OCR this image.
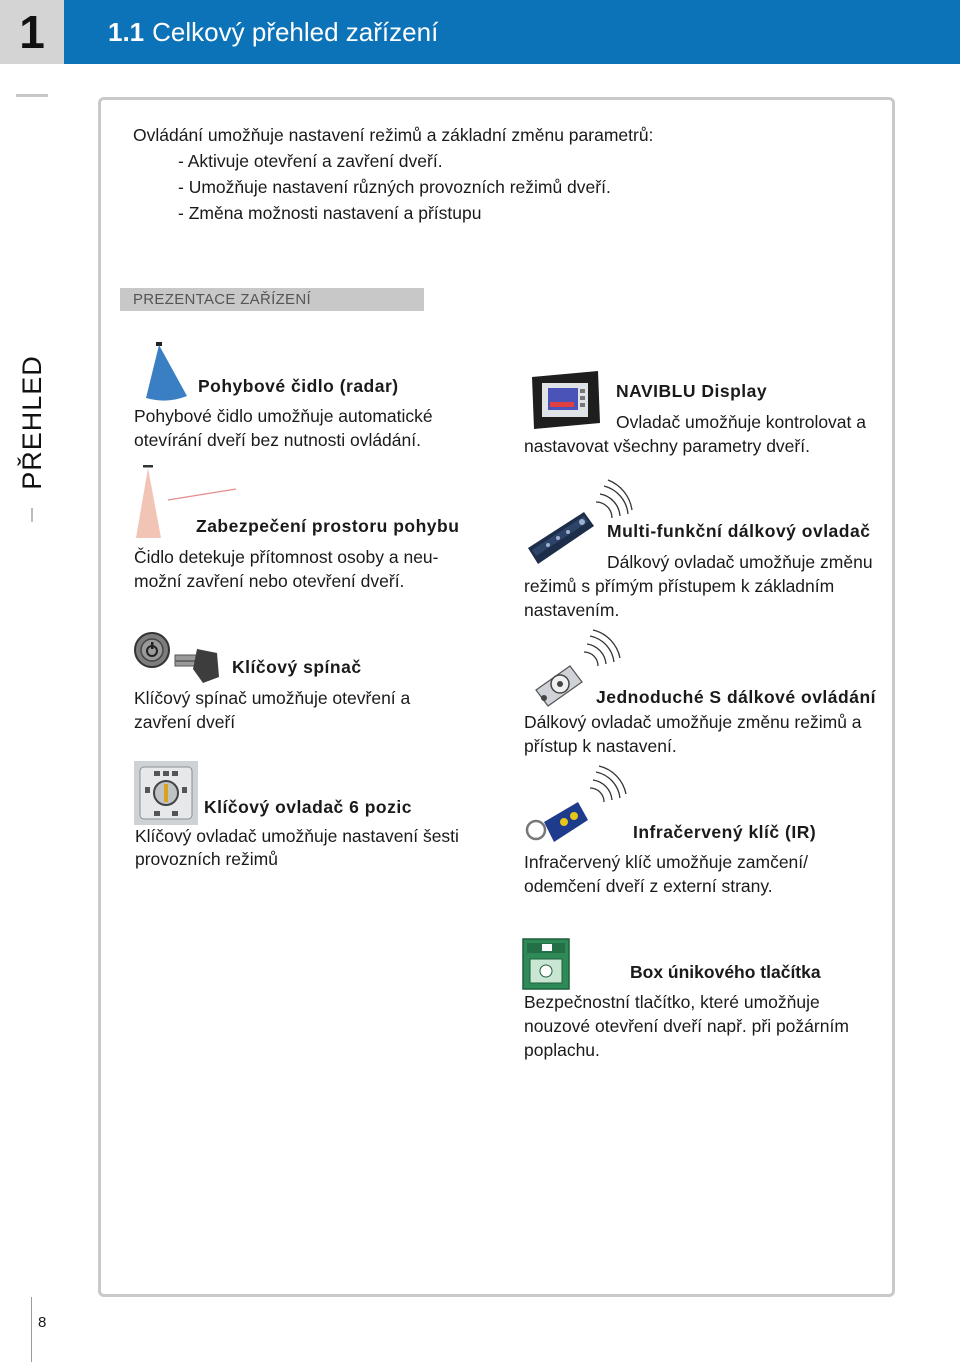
1	1.1 Celkový přehled zařízení
PŘEHLED
Ovládání umožňuje nastavení režimů a základní změnu parametrů:
- Aktivuje otevření a zavření dveří.
- Umožňuje nastavení různých provozních režimů dveří.
- Změna možnosti nastavení a přístupu
PREZENTACE ZAŘÍZENÍ
Pohybové čidlo (radar)
Pohybové čidlo umožňuje automatické
otevírání dveří bez nutnosti ovládání.
Zabezpečení prostoru pohybu
Čidlo detekuje přítomnost osoby a neu-
možní zavření nebo otevření dveří.
Klíčový spínač
Klíčový spínač umožňuje otevření a
zavření dveří
Klíčový ovladač 6 pozic
Klíčový ovladač umožňuje nastavení šesti
provozních režimů
NAVIBLU Display
Ovladač umožňuje kontrolovat a
nastavovat všechny parametry dveří.
Multi-funkční dálkový ovladač
Dálkový ovladač umožňuje změnu
režimů s přímým přístupem k základním
nastavením.
Jednoduché S dálkové ovládání
Dálkový ovladač umožňuje změnu režimů a
přístup k nastavení.
Infračervený klíč (IR)
Infračervený klíč umožňuje zamčení/
odemčení dveří z externí strany.
Box únikového tlačítka
Bezpečnostní tlačítko, které umožňuje
nouzové otevření dveří např. při požárním
poplachu.
8
